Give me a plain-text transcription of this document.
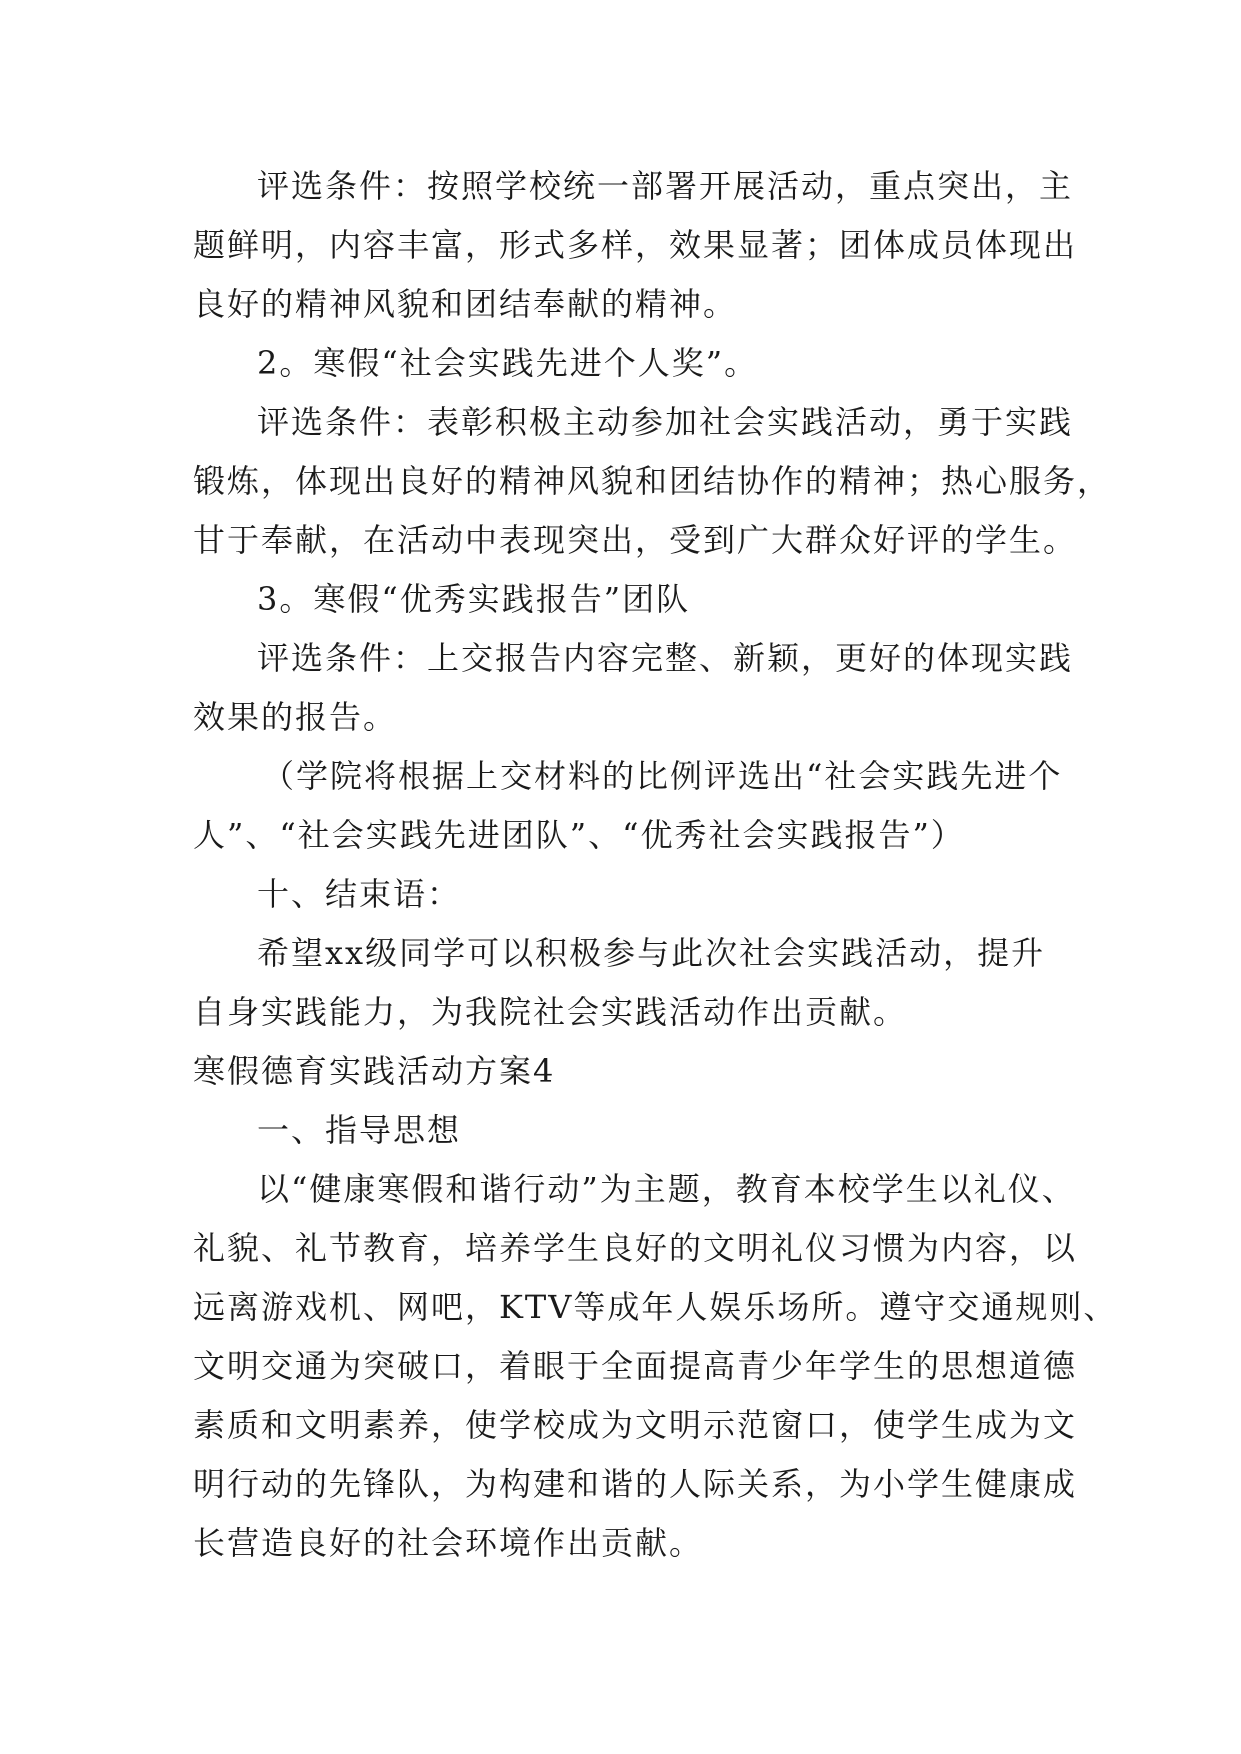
评选条件：按照学校统一部署开展活动，重点突出，主
题鲜明，内容丰富，形式多样，效果显著；团体成员体现出
良好的精神风貌和团结奉献的精神。
2。寒假“社会实践先进个人奖”。
评选条件：表彰积极主动参加社会实践活动，勇于实践
锻炼，体现出良好的精神风貌和团结协作的精神；热心服务，
甘于奉献，在活动中表现突出，受到广大群众好评的学生。
3。寒假“优秀实践报告”团队
评选条件：上交报告内容完整、新颖，更好的体现实践
效果的报告。
（学院将根据上交材料的比例评选出“社会实践先进个
人”、“社会实践先进团队”、“优秀社会实践报告”）
十、结束语：
希望xx级同学可以积极参与此次社会实践活动，提升
自身实践能力，为我院社会实践活动作出贡献。
寒假德育实践活动方案4
一、指导思想
以“健康寒假和谐行动”为主题，教育本校学生以礼仪、
礼貌、礼节教育，培养学生良好的文明礼仪习惯为内容，以
远离游戏机、网吧，KTV等成年人娱乐场所。遵守交通规则、
文明交通为突破口，着眼于全面提高青少年学生的思想道德
素质和文明素养，使学校成为文明示范窗口，使学生成为文
明行动的先锋队，为构建和谐的人际关系，为小学生健康成
长营造良好的社会环境作出贡献。
